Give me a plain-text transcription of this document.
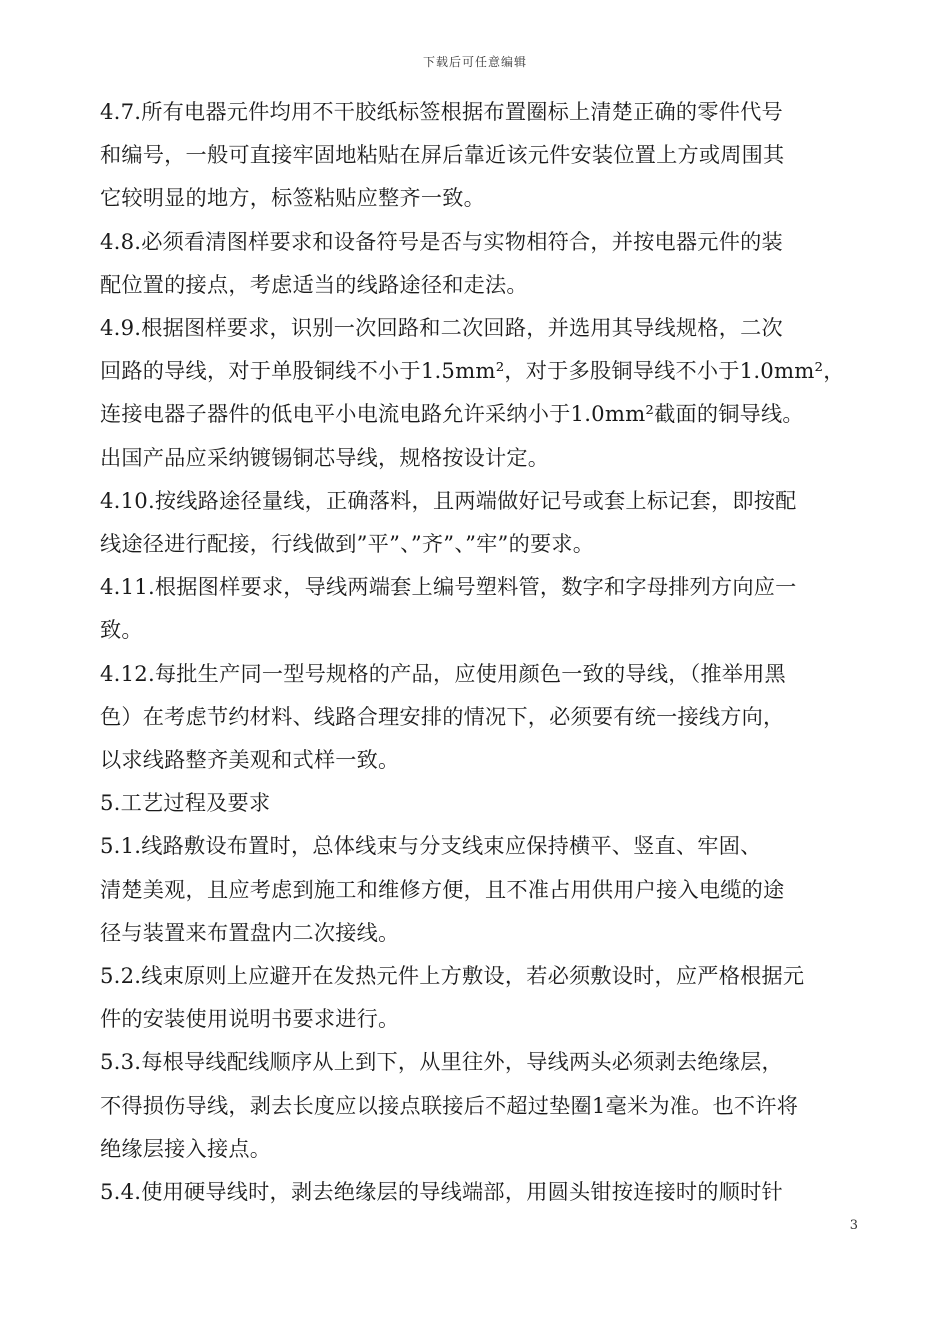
下载后可任意编辑

4.7.所有电器元件均用不干胶纸标签根据布置圈标上清楚正确的零件代号

和编号，一般可直接牢固地粘贴在屏后靠近该元件安装位置上方或周围其

它较明显的地方，标签粘贴应整齐一致。

4.8.必须看清图样要求和设备符号是否与实物相符合，并按电器元件的装

配位置的接点，考虑适当的线路途径和走法。

4.9.根据图样要求，识别一次回路和二次回路，并选用其导线规格，二次

回路的导线，对于单股铜线不小于1.5mm²，对于多股铜导线不小于1.0mm²，

连接电器子器件的低电平小电流电路允许采纳小于1.0mm²截面的铜导线。

出国产品应采纳镀锡铜芯导线，规格按设计定。

4.10.按线路途径量线，正确落料，且两端做好记号或套上标记套，即按配

线途径进行配接，行线做到”平”、”齐”、”牢”的要求。

4.11.根据图样要求，导线两端套上编号塑料管，数字和字母排列方向应一

致。

4.12.每批生产同一型号规格的产品，应使用颜色一致的导线，（推举用黑

色）在考虑节约材料、线路合理安排的情况下，必须要有统一接线方向，

以求线路整齐美观和式样一致。

5.工艺过程及要求

5.1.线路敷设布置时，总体线束与分支线束应保持横平、竖直、牢固、

清楚美观，且应考虑到施工和维修方便，且不准占用供用户接入电缆的途

径与装置来布置盘内二次接线。

5.2.线束原则上应避开在发热元件上方敷设，若必须敷设时，应严格根据元

件的安装使用说明书要求进行。

5.3.每根导线配线顺序从上到下，从里往外，导线两头必须剥去绝缘层，

不得损伤导线，剥去长度应以接点联接后不超过垫圈1毫米为准。也不许将

绝缘层接入接点。

5.4.使用硬导线时，剥去绝缘层的导线端部，用圆头钳按连接时的顺时针

3
